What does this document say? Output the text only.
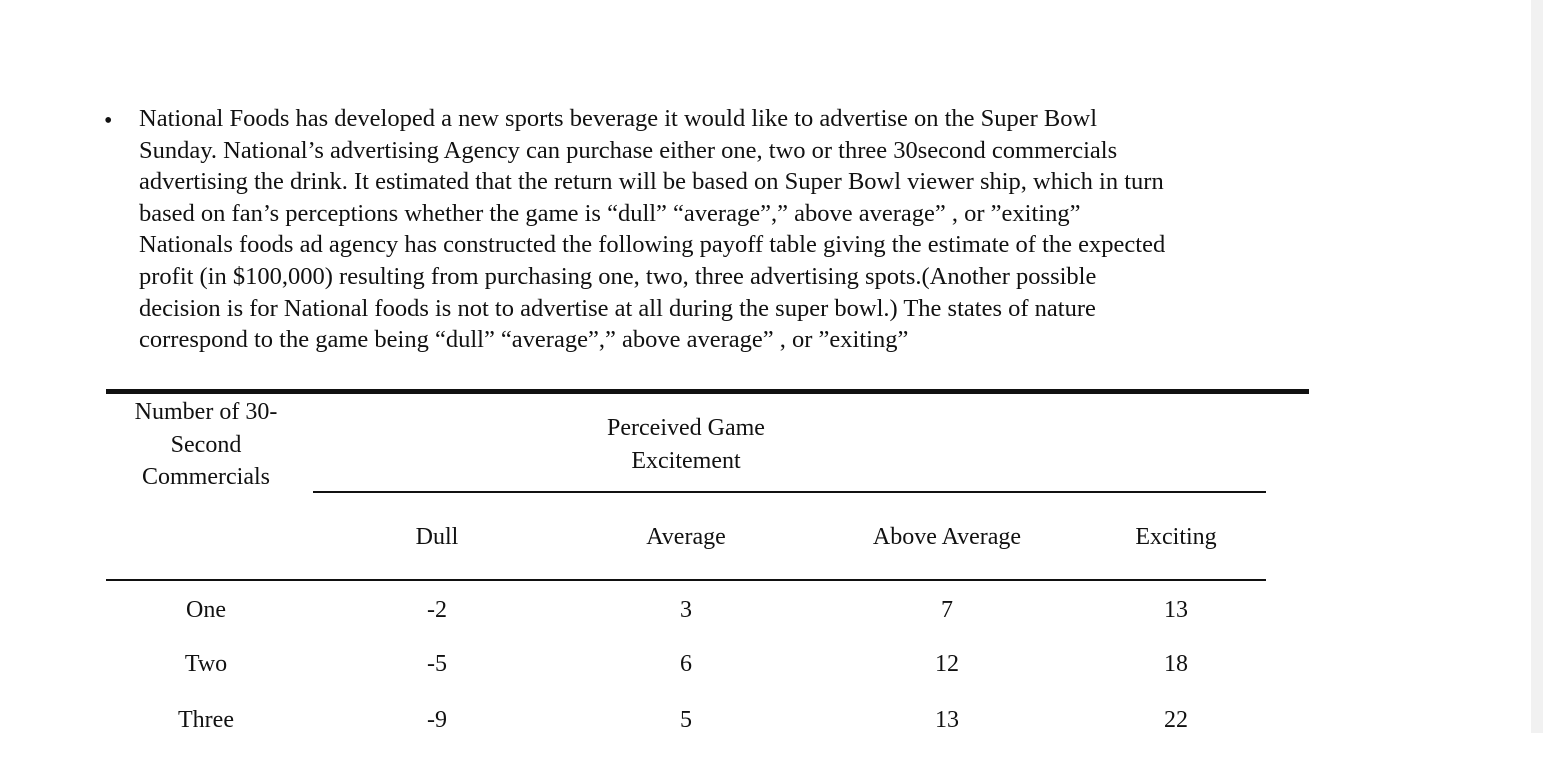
• National Foods has developed a new sports beverage it would like to advertise on the Super Bowl
Sunday. National’s advertising Agency can purchase either one, two or three 30second commercials
advertising the drink. It estimated that the return will be based on Super Bowl viewer ship, which in turn
based on fan’s perceptions whether the game is “dull” “average”,” above average” , or ”exiting”
Nationals foods ad agency has constructed the following payoff table giving the estimate of the expected
profit (in $100,000) resulting from purchasing one, two, three advertising spots.(Another possible
decision is for National foods is not to advertise at all during the super bowl.) The states of nature
correspond to the game being “dull” “average”,” above average” , or ”exiting”

Number of 30-
Second
Commercials
Perceived Game
Excitement
Dull	Average	Above Average	Exciting
One	-2	3	7	13
Two	-5	6	12	18
Three	-9	5	13	22
